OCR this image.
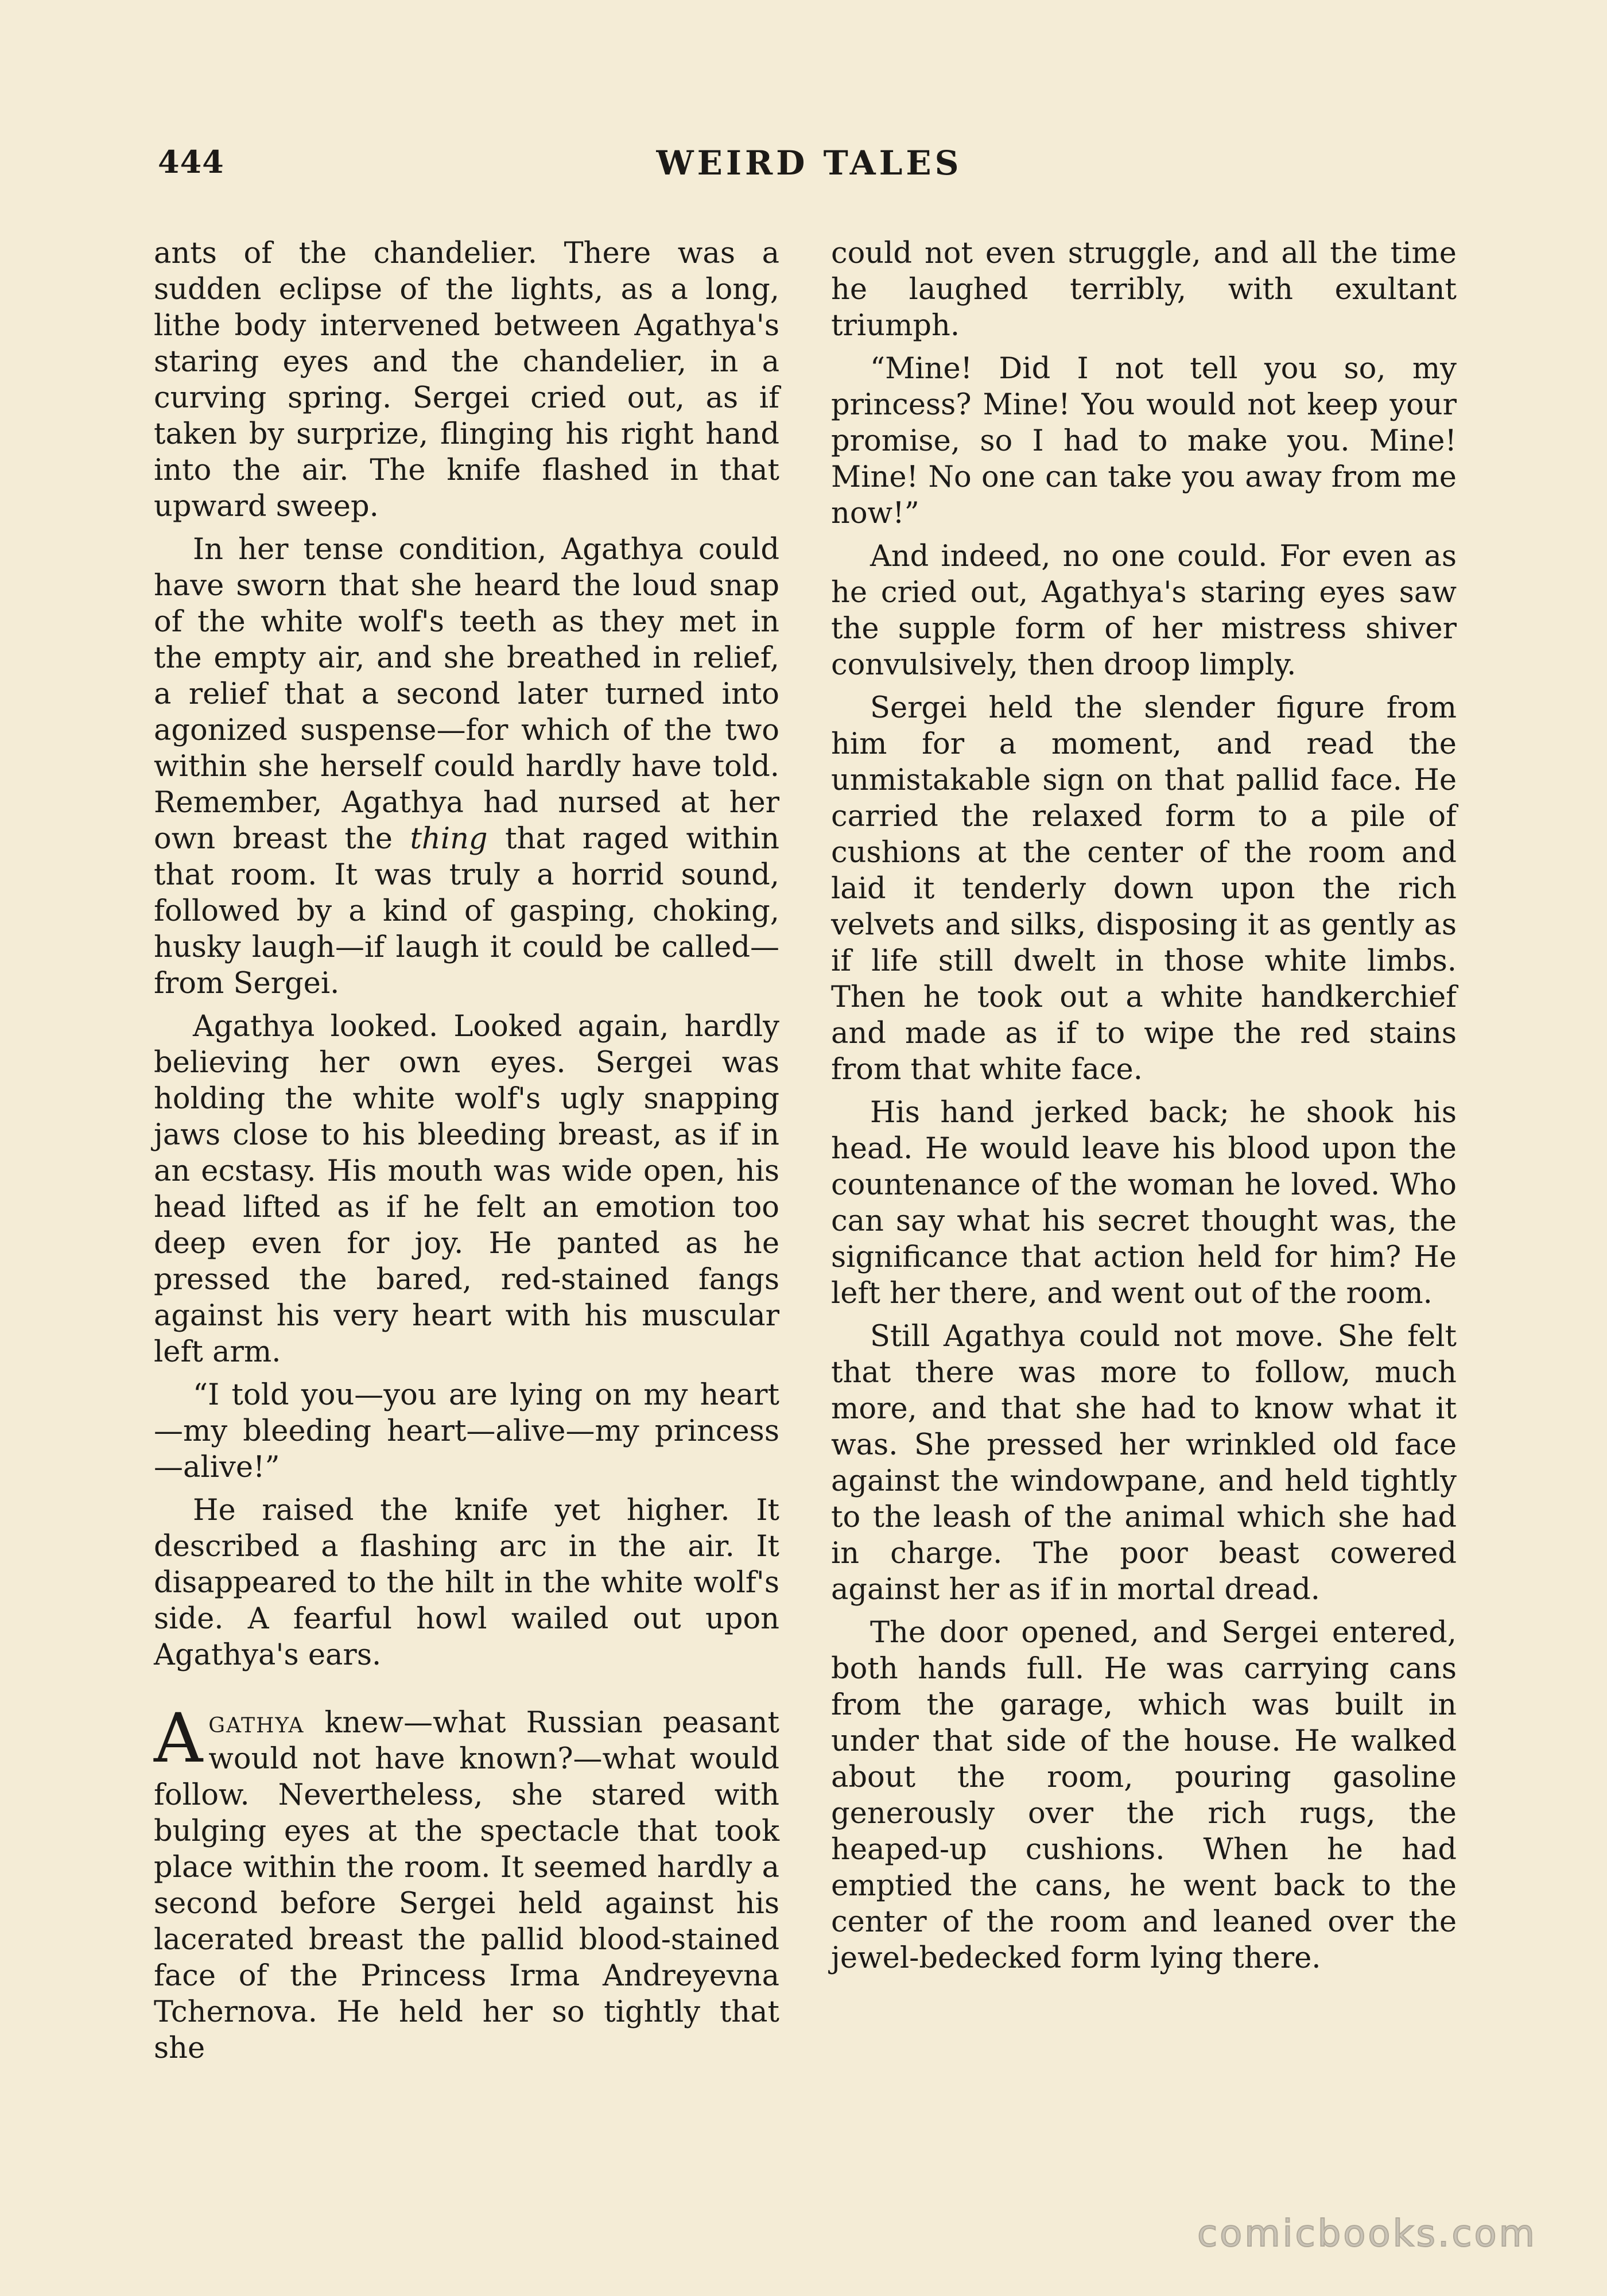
444	WEIRD TALES

ants of the chandelier. There was a sudden eclipse of the lights, as a long, lithe body intervened between Agathya's staring eyes and the chandelier, in a curving spring. Sergei cried out, as if taken by surprize, flinging his right hand into the air. The knife flashed in that upward sweep.

In her tense condition, Agathya could have sworn that she heard the loud snap of the white wolf's teeth as they met in the empty air, and she breathed in relief, a relief that a second later turned into agonized suspense—for which of the two within she herself could hardly have told. Remember, Agathya had nursed at her own breast the thing that raged within that room. It was truly a horrid sound, followed by a kind of gasping, choking, husky laugh—if laugh it could be called—from Sergei.

Agathya looked. Looked again, hardly believing her own eyes. Sergei was holding the white wolf's ugly snapping jaws close to his bleeding breast, as if in an ecstasy. His mouth was wide open, his head lifted as if he felt an emotion too deep even for joy. He panted as he pressed the bared, red-stained fangs against his very heart with his muscular left arm.

“I told you—you are lying on my heart—my bleeding heart—alive—my princess—alive!”

He raised the knife yet higher. It described a flashing arc in the air. It disappeared to the hilt in the white wolf's side. A fearful howl wailed out upon Agathya's ears.

Agathya knew—what Russian peasant would not have known?—what would follow. Nevertheless, she stared with bulging eyes at the spectacle that took place within the room. It seemed hardly a second before Sergei held against his lacerated breast the pallid blood-stained face of the Princess Irma Andreyevna Tchernova. He held her so tightly that she

could not even struggle, and all the time he laughed terribly, with exultant triumph.

“Mine! Did I not tell you so, my princess? Mine! You would not keep your promise, so I had to make you. Mine! Mine! No one can take you away from me now!”

And indeed, no one could. For even as he cried out, Agathya's staring eyes saw the supple form of her mistress shiver convulsively, then droop limply.

Sergei held the slender figure from him for a moment, and read the unmistakable sign on that pallid face. He carried the relaxed form to a pile of cushions at the center of the room and laid it tenderly down upon the rich velvets and silks, disposing it as gently as if life still dwelt in those white limbs. Then he took out a white handkerchief and made as if to wipe the red stains from that white face.

His hand jerked back; he shook his head. He would leave his blood upon the countenance of the woman he loved. Who can say what his secret thought was, the significance that action held for him? He left her there, and went out of the room.

Still Agathya could not move. She felt that there was more to follow, much more, and that she had to know what it was. She pressed her wrinkled old face against the windowpane, and held tightly to the leash of the animal which she had in charge. The poor beast cowered against her as if in mortal dread.

The door opened, and Sergei entered, both hands full. He was carrying cans from the garage, which was built in under that side of the house. He walked about the room, pouring gasoline generously over the rich rugs, the heaped-up cushions. When he had emptied the cans, he went back to the center of the room and leaned over the jewel-bedecked form lying there.

comicbooks.com
